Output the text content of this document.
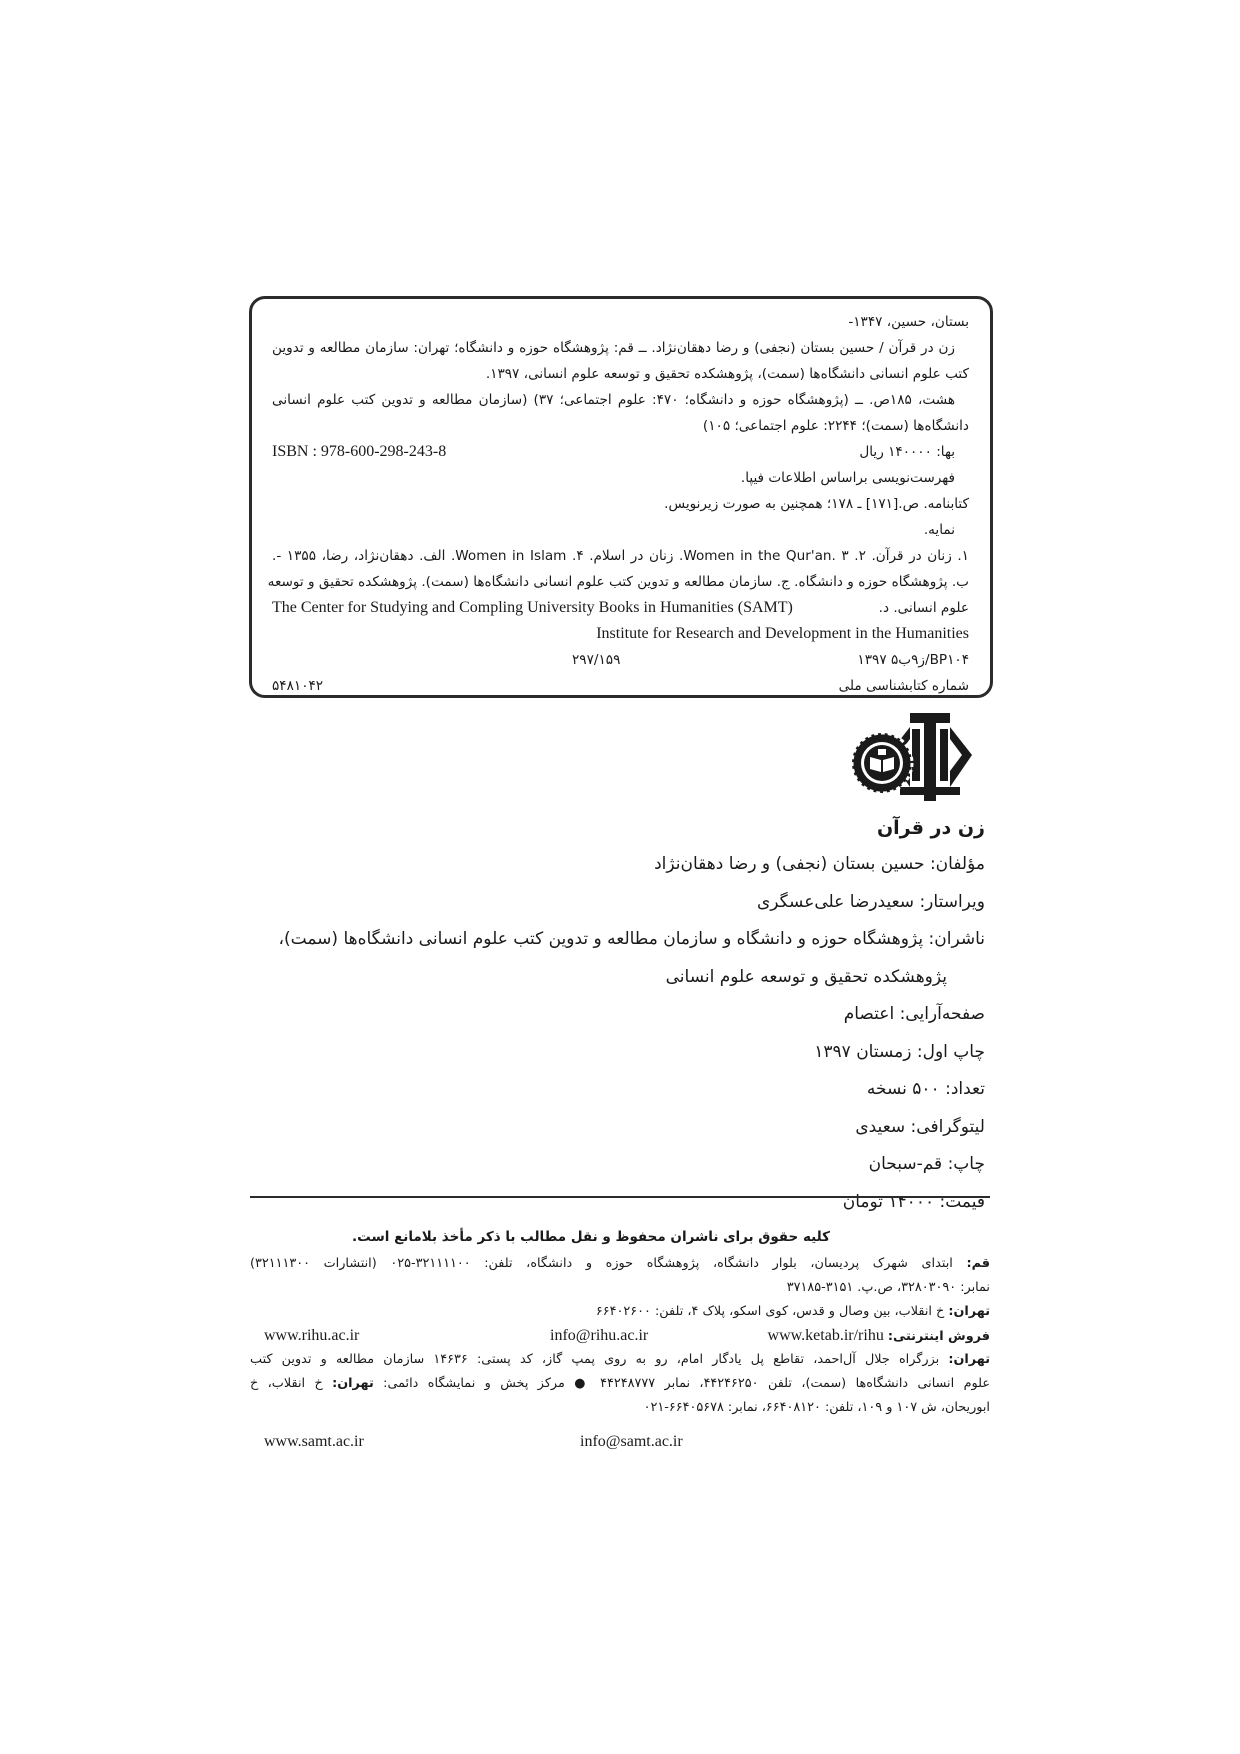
بستان، حسین، ۱۳۴۷-
زن در قرآن / حسین بستان (نجفی) و رضا دهقان‌نژاد. ــ قم: پژوهشگاه حوزه و دانشگاه؛ تهران: سازمان مطالعه و تدوین
کتب علوم انسانی دانشگاه‌ها (سمت)، پژوهشکده تحقیق و توسعه علوم انسانی، ۱۳۹۷.
هشت، ۱۸۵ص. ــ (پژوهشگاه حوزه و دانشگاه؛ ۴۷۰: علوم اجتماعی؛ ۳۷) (سازمان مطالعه و تدوین کتب علوم انسانی
دانشگاه‌ها (سمت)؛ ۲۲۴۴: علوم اجتماعی؛ ۱۰۵)
بها: ۱۴۰۰۰۰ ریال
ISBN : 978-600-298-243-8
فهرست‌نویسی براساس اطلاعات فیپا.
کتابنامه. ص.[۱۷۱] ـ ۱۷۸؛ همچنین به صورت زیرنویس.
نمایه.
۱. زنان در قرآن. ۲. Women in the Qur'an. ۳. زنان در اسلام. ۴. Women in Islam. الف. دهقان‌نژاد، رضا، ۱۳۵۵ -.
ب. پژوهشگاه حوزه و دانشگاه. ج. سازمان مطالعه و تدوین کتب علوم انسانی دانشگاه‌ها (سمت). پژوهشکده تحقیق و توسعه
علوم انسانی. د.
The Center for Studying and Compling University Books in Humanities (SAMT)
Institute for Research and Development in the Humanities
BP۱۰۴/ز۹ب۵ ۱۳۹۷
۲۹۷/۱۵۹
شماره کتابشناسی ملی
۵۴۸۱۰۴۲
زن در قرآن
مؤلفان: حسین بستان (نجفی) و رضا دهقان‌نژاد
ویراستار: سعیدرضا علی‌عسگری
ناشران: پژوهشگاه حوزه و دانشگاه و سازمان مطالعه و تدوین کتب علوم انسانی دانشگاه‌ها (سمت)،
پژوهشکده تحقیق و توسعه علوم انسانی
صفحه‌آرایی: اعتصام
چاپ اول: زمستان ۱۳۹۷
تعداد: ۵۰۰ نسخه
لیتوگرافی: سعیدی
چاپ: قم-سبحان
قیمت: ۱۴۰۰۰ تومان
کلیه حقوق برای ناشران محفوظ و نقل مطالب با ذکر مأخذ بلامانع است.
قم: ابتدای شهرک پردیسان، بلوار دانشگاه، پژوهشگاه حوزه و دانشگاه، تلفن: ۳۲۱۱۱۱۰۰-۰۲۵ (انتشارات ۳۲۱۱۱۳۰۰)
نمابر: ۳۲۸۰۳۰۹۰، ص.پ. ۳۱۵۱-۳۷۱۸۵
تهران: خ انقلاب، بین وصال و قدس، کوی اسکو، پلاک ۴، تلفن: ۶۶۴۰۲۶۰۰
فروش اینترنتی: www.ketab.ir/rihu
info@rihu.ac.ir
www.rihu.ac.ir
تهران: بزرگراه جلال آل‌احمد، تقاطع پل یادگار امام، رو به روی پمپ گاز، کد پستی: ۱۴۶۳۶ سازمان مطالعه و تدوین کتب
علوم انسانی دانشگاه‌ها (سمت)، تلفن ۴۴۲۴۶۲۵۰، نمابر ۴۴۲۴۸۷۷۷ ● مرکز پخش و نمایشگاه دائمی: تهران: خ انقلاب، خ
ابوریحان، ش ۱۰۷ و ۱۰۹، تلفن: ۶۶۴۰۸۱۲۰، نمابر: ۶۶۴۰۵۶۷۸-۰۲۱
www.samt.ac.ir	info@samt.ac.ir
